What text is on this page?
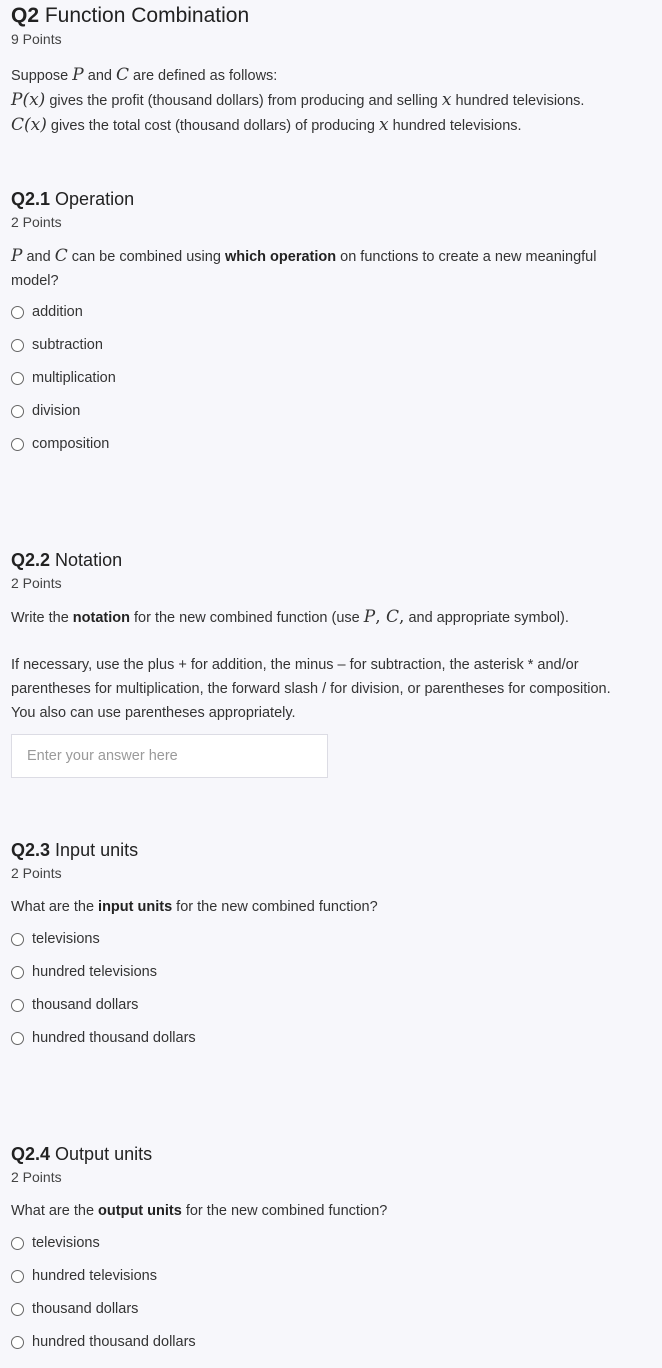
Q2 Function Combination
9 Points
Suppose P and C are defined as follows:
P(x) gives the profit (thousand dollars) from producing and selling x hundred televisions.
C(x) gives the total cost (thousand dollars) of producing x hundred televisions.
Q2.1 Operation
2 Points
P and C can be combined using which operation on functions to create a new meaningful
model?
addition
subtraction
multiplication
division
composition
Q2.2 Notation
2 Points
Write the notation for the new combined function (use P, C, and appropriate symbol).
If necessary, use the plus + for addition, the minus – for subtraction, the asterisk * and/or
parentheses for multiplication, the forward slash / for division, or parentheses for composition.
You also can use parentheses appropriately.
Enter your answer here
Q2.3 Input units
2 Points
What are the input units for the new combined function?
televisions
hundred televisions
thousand dollars
hundred thousand dollars
Q2.4 Output units
2 Points
What are the output units for the new combined function?
televisions
hundred televisions
thousand dollars
hundred thousand dollars
